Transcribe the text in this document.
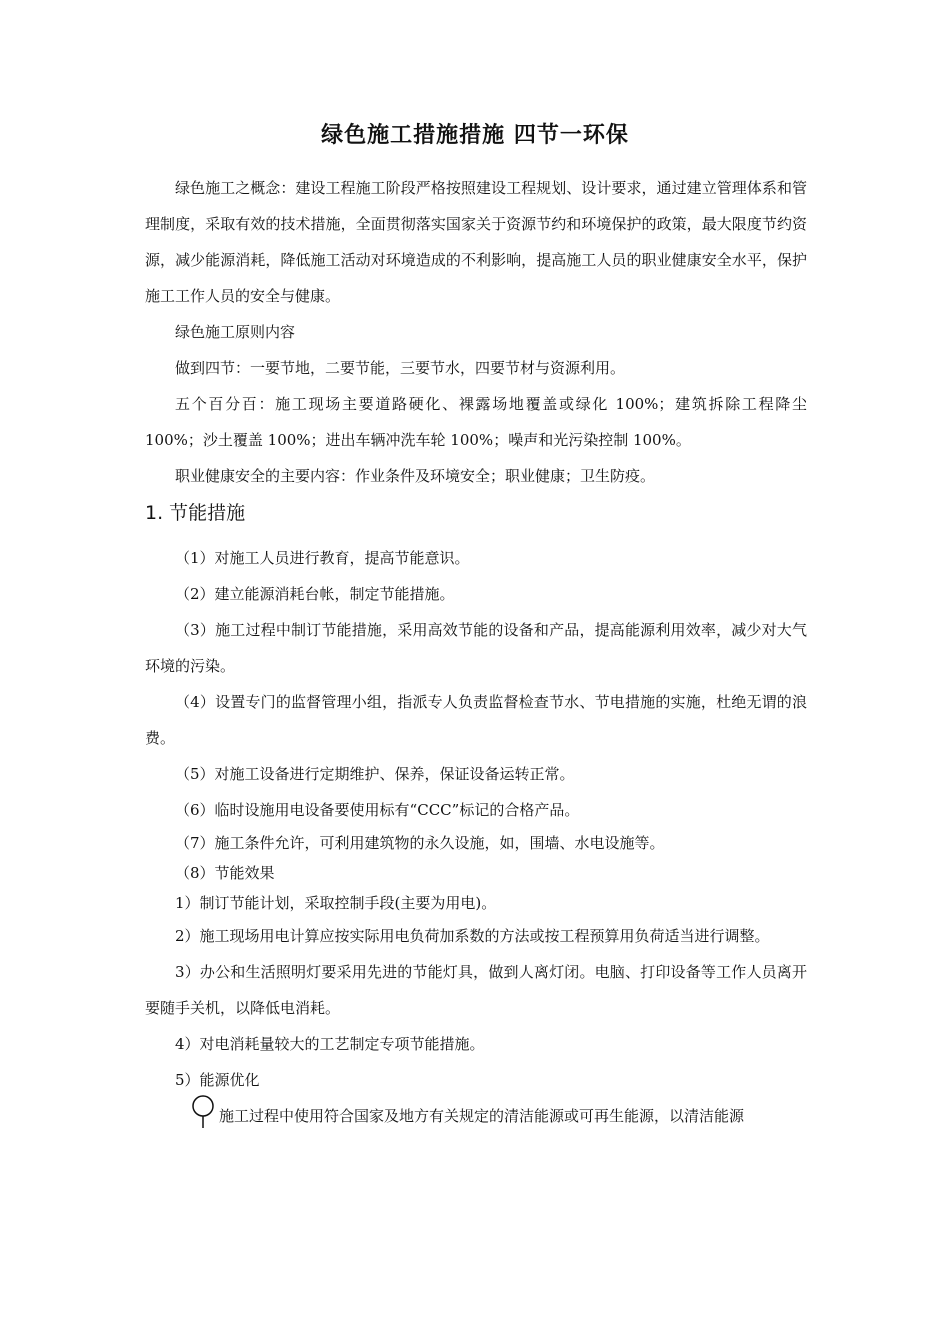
绿色施工措施措施 四节一环保

绿色施工之概念：建设工程施工阶段严格按照建设工程规划、设计要求，通过建立管理体系和管理制度，采取有效的技术措施，全面贯彻落实国家关于资源节约和环境保护的政策，最大限度节约资源，减少能源消耗，降低施工活动对环境造成的不利影响，提高施工人员的职业健康安全水平，保护施工工作人员的安全与健康。

绿色施工原则内容

做到四节：一要节地，二要节能，三要节水，四要节材与资源利用。

五个百分百：施工现场主要道路硬化、裸露场地覆盖或绿化 100%；建筑拆除工程降尘 100%；沙土覆盖 100%；进出车辆冲洗车轮 100%；噪声和光污染控制 100%。

职业健康安全的主要内容：作业条件及环境安全；职业健康；卫生防疫。

1. 节能措施

（1）对施工人员进行教育，提高节能意识。

（2）建立能源消耗台帐，制定节能措施。

（3）施工过程中制订节能措施，采用高效节能的设备和产品，提高能源利用效率，减少对大气环境的污染。

（4）设置专门的监督管理小组，指派专人负责监督检查节水、节电措施的实施，杜绝无谓的浪费。

（5）对施工设备进行定期维护、保养，保证设备运转正常。

（6）临时设施用电设备要使用标有“CCC”标记的合格产品。

（7）施工条件允许，可利用建筑物的永久设施，如，围墙、水电设施等。

（8）节能效果

1）制订节能计划，采取控制手段(主要为用电)。

2）施工现场用电计算应按实际用电负荷加系数的方法或按工程预算用负荷适当进行调整。

3）办公和生活照明灯要采用先进的节能灯具，做到人离灯闭。电脑、打印设备等工作人员离开要随手关机，以降低电消耗。

4）对电消耗量较大的工艺制定专项节能措施。

5）能源优化

施工过程中使用符合国家及地方有关规定的清洁能源或可再生能源，以清洁能源
